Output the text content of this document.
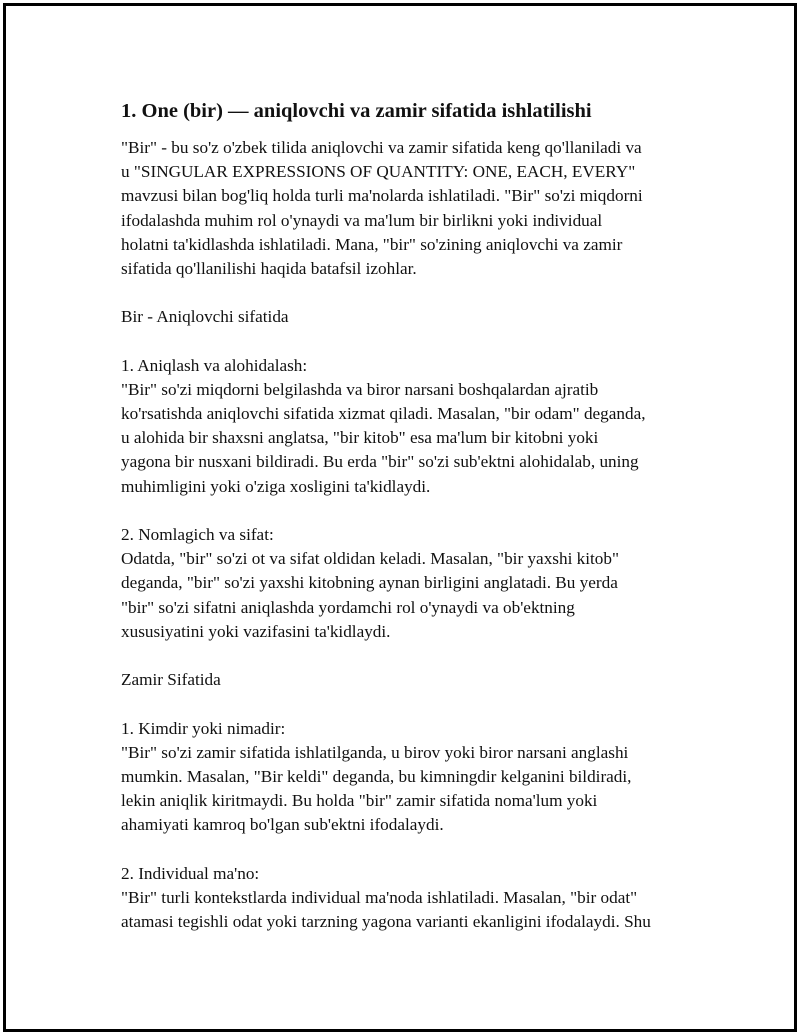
1. One (bir) — aniqlovchi va zamir sifatida ishlatilishi
"Bir" - bu so'z o'zbek tilida aniqlovchi va zamir sifatida keng qo'llaniladi va
u "SINGULAR EXPRESSIONS OF QUANTITY: ONE, EACH, EVERY"
mavzusi bilan bog'liq holda turli ma'nolarda ishlatiladi. "Bir" so'zi miqdorni
ifodalashda muhim rol o'ynaydi va ma'lum bir birlikni yoki individual
holatni ta'kidlashda ishlatiladi. Mana, "bir" so'zining aniqlovchi va zamir
sifatida qo'llanilishi haqida batafsil izohlar.
Bir - Aniqlovchi sifatida
1. Aniqlash va alohidalash:
"Bir" so'zi miqdorni belgilashda va biror narsani boshqalardan ajratib
ko'rsatishda aniqlovchi sifatida xizmat qiladi. Masalan, "bir odam" deganda,
u alohida bir shaxsni anglatsa, "bir kitob" esa ma'lum bir kitobni yoki
yagona bir nusxani bildiradi. Bu erda "bir" so'zi sub'ektni alohidalab, uning
muhimligini yoki o'ziga xosligini ta'kidlaydi.
2. Nomlagich va sifat:
Odatda, "bir" so'zi ot va sifat oldidan keladi. Masalan, "bir yaxshi kitob"
deganda, "bir" so'zi yaxshi kitobning aynan birligini anglatadi. Bu yerda
"bir" so'zi sifatni aniqlashda yordamchi rol o'ynaydi va ob'ektning
xususiyatini yoki vazifasini ta'kidlaydi.
Zamir Sifatida
1. Kimdir yoki nimadir:
"Bir" so'zi zamir sifatida ishlatilganda, u birov yoki biror narsani anglashi
mumkin. Masalan, "Bir keldi" deganda, bu kimningdir kelganini bildiradi,
lekin aniqlik kiritmaydi. Bu holda "bir" zamir sifatida noma'lum yoki
ahamiyati kamroq bo'lgan sub'ektni ifodalaydi.
2. Individual ma'no:
"Bir" turli kontekstlarda individual ma'noda ishlatiladi. Masalan, "bir odat"
atamasi tegishli odat yoki tarzning yagona varianti ekanligini ifodalaydi. Shu
